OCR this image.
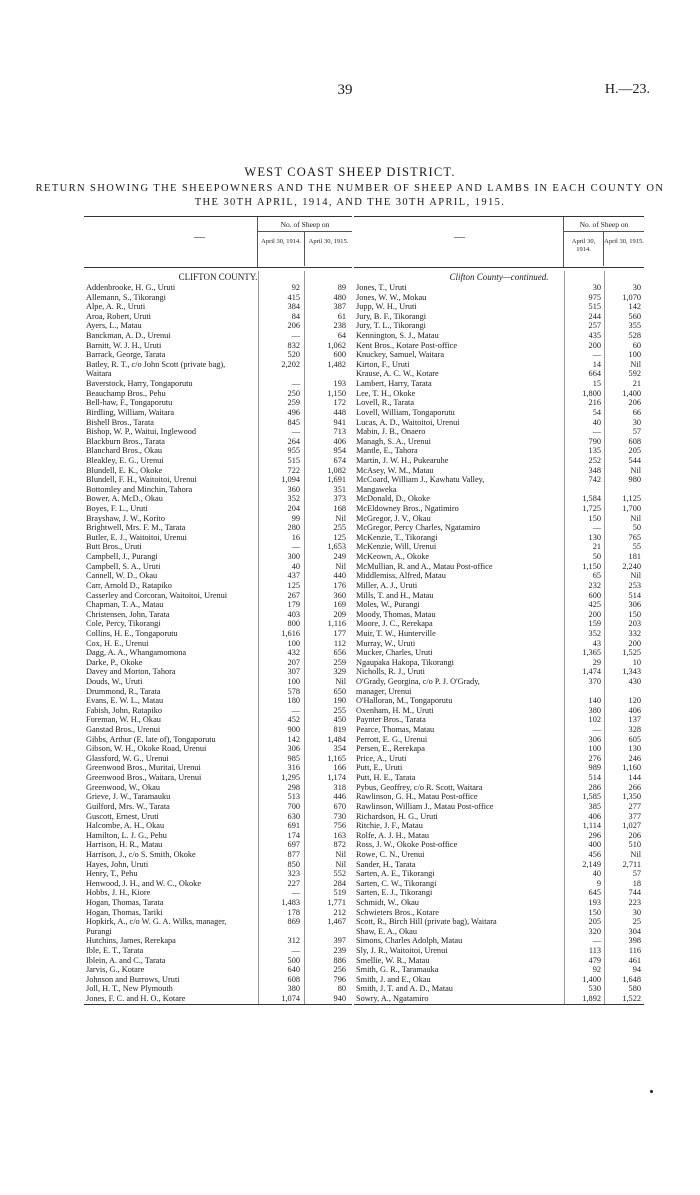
39	H.—23.
WEST COAST SHEEP DISTRICT.
RETURN SHOWING THE SHEEPOWNERS AND THE NUMBER OF SHEEP AND LAMBS IN EACH COUNTY ON
THE 30TH APRIL, 1914, AND THE 30TH APRIL, 1915.
—
No. of Sheep on
April 30, 1914.	April 30, 1915.
CLIFTON COUNTY.
Addenbrooke, H. G., Uruti	92	89
Allemann, S., Tikorangi	415	480
Alpe, A. R., Uruti	384	387
Aroa, Robert, Uruti	84	61
Ayers, L., Matau	206	238
Banckman, A. D., Urenui	—	64
Barnitt, W. J. H., Uruti	832	1,062
Barrack, George, Tarata	520	600
Batley, R. T., c/o John Scott (private bag),	2,202	1,482
Waitara
Baverstock, Harry, Tongaporutu	—	193
Beauchamp Bros., Pehu	250	1,150
Bell-haw, F., Tongaporutu	259	172
Birdling, William, Waitara	496	448
Bishell Bros., Tarata	845	941
Bishop, W. P., Waitui, Inglewood	—	713
Blackburn Bros., Tarata	264	406
Blanchard Bros., Okau	955	954
Bleakley, E. G., Urenui	515	674
Blundell, E. K., Okoke	722	1,082
Blundell, F. H., Waitoitoi, Urenui	1,094	1,691
Bottomley and Minchin, Tahora	360	351
Bower, A. McD., Okau	352	373
Boyes, F. L., Uruti	204	168
Brayshaw, J. W., Korito	99	Nil
Brightwell, Mrs. F. M., Tarata	280	255
Butler, E. J., Waitoitoi, Urenui	16	125
Butt Bros., Uruti	—	1,653
Campbell, J., Purangi	300	249
Campbell, S. A., Uruti	40	Nil
Cannell, W. D., Okau	437	440
Carr, Arnold D., Ratapiko	125	176
Casserley and Corcoran, Waitoitoi, Urenui	267	360
Chapman, T. A., Matau	179	169
Christensen, John, Tarata	403	209
Cole, Percy, Tikorangi	800	1,116
Collins, H. E., Tongaporutu	1,616	177
Cox, H. E., Urenui	100	112
Dagg, A. A., Whangamomona	432	656
Darke, P., Okoke	207	259
Davey and Morton, Tahora	307	329
Douds, W., Uruti	100	Nil
Drummond, R., Tarata	578	650
Evans, E. W. L., Matau	180	190
Fabish, John, Ratapiko	—	255
Foreman, W. H., Okau	452	450
Ganstad Bros., Urenui	900	819
Gibbs, Arthur (E. late of), Tongaporutu	142	1,484
Gibson, W. H., Okoke Road, Urenui	306	354
Glassford, W. G., Urenui	985	1,165
Greenwood Bros., Muritai, Urenui	316	166
Greenwood Bros., Waitara, Urenui	1,295	1,174
Greenwood, W., Okau	298	318
Grieve, J. W., Taramauku	513	446
Guilford, Mrs. W., Tarata	700	670
Guscott, Ernest, Uruti	630	730
Halcombe, A. H., Okau	691	756
Hamilton, L. J. G., Pehu	174	163
Harrison, H. R., Matau	697	872
Harrison, J., c/o S. Smith, Okoke	877	Nil
Hayes, John, Uruti	850	Nil
Henry, T., Pehu	323	552
Henwood, J. H., and W. C., Okoke	227	284
Hobbs, J. H., Kiore	—	519
Hogan, Thomas, Tarata	1,483	1,771
Hogan, Thomas, Tariki	178	212
Hopkirk, A., c/o W. G. A. Wilks, manager,	869	1,467
Purangi
Hutchins, James, Rerekapa	312	397
Ible, E. T., Tarata	—	239
Iblein, A. and C., Tarata	500	886
Jarvis, G., Kotare	640	256
Johnson and Burrows, Uruti	608	796
Joll, H. T., New Plymouth	380	80
Jones, F. C. and H. O., Kotare	1,074	940
—
No. of Sheep on
April 30, 1914.
April 30, 1915.
Clifton County—continued.
Jones, T., Uruti	30	30
Jones, W. W., Mokau	975	1,070
Jupp, W. H., Uruti	515	142
Jury, B. F., Tikorangi	244	560
Jury, T. L., Tikorangi	257	355
Kennington, S. J., Matau	435	528
Kent Bros., Kotare Post-office	200	60
Knuckey, Samuel, Waitara	—	100
Kirton, F., Uruti	14	Nil
Krause, A. C. W., Kotare	664	592
Lambert, Harry, Tarata	15	21
Lee, T. H., Okoke	1,800	1,400
Lovell, R., Tarata	216	206
Lovell, William, Tongaporutu	54	66
Lucas, A. D., Waitoitoi, Urenui	40	30
Mabin, J. B., Onaero	—	57
Managh, S. A., Urenui	790	608
Mantle, E., Tahora	135	205
Martin, J. W. H., Pukearuhe	252	544
McAsey, W. M., Matau	348	Nil
McCoard, William J., Kawhatu Valley,	742	980
Mangaweka
McDonald, D., Okoke	1,584	1,125
McEldowney Bros., Ngatimiro	1,725	1,700
McGregor, J. V., Okau	150	Nil
McGregor, Percy Charles, Ngatamiro	—	50
McKenzie, T., Tikorangi	130	765
McKenzie, Will, Urenui	21	55
McKeown, A., Okoke	50	181
McMullian, R. and A., Matau Post-office	1,150	2,240
Middlemiss, Alfred, Matau	65	Nil
Miller, A. J., Uruti	232	253
Mills, T. and H., Matau	600	514
Moles, W., Purangi	425	306
Moody, Thomas, Matau	200	150
Moore, J. C., Rerekapa	159	203
Muir, T. W., Hunterville	352	332
Murray, W., Uruti	43	200
Mucker, Charles, Uruti	1,365	1,525
Ngaupaka Hakopa, Tikorangi	29	10
Nicholls, R. J., Uruti	1,474	1,343
O'Grady, Georgina, c/o P. J. O'Grady,	370	430
manager, Urenui
O'Halloran, M., Tongaporutu	140	120
Oxenham, H. M., Uruti	380	406
Paynter Bros., Tarata	102	137
Pearce, Thomas, Matau	—	328
Perrott, E. G., Urenui	306	605
Persen, E., Rerekapa	100	130
Price, A., Uruti	276	246
Putt, E., Uruti	989	1,160
Putt, H. E., Tarata	514	144
Pybus, Geoffrey, c/o R. Scott, Waitara	286	266
Rawlinson, G. H., Matau Post-office	1,585	1,350
Rawlinson, William J., Matau Post-office	385	277
Richardson, H. G., Uruti	406	377
Ritchie, J. F., Matau	1,114	1,027
Rolfe, A. J. H., Matau	296	206
Ross, J. W., Okoke Post-office	400	510
Rowe, C. N., Urenui	456	Nil
Sander, H., Tarata	2,149	2,711
Sarten, A. E., Tikorangi	40	57
Sarten, C. W., Tikorangi	9	18
Sarten, E. J., Tikorangi	645	744
Schmidt, W., Okau	193	223
Schwieters Bros., Kotare	150	30
Scott, R., Birch Hill (private bag), Waitara	205	25
Shaw, E. A., Okau	320	304
Simons, Charles Adolph, Matau	—	398
Sly, J. R., Waitoitoi, Urenui	113	116
Smellie, W. R., Matau	479	461
Smith, G. R., Taramauka	92	94
Smith, J. and E., Okau	1,400	1,648
Smith, J. T. and A. D., Matau	530	580
Sowry, A., Ngatamiro	1,892	1,522
